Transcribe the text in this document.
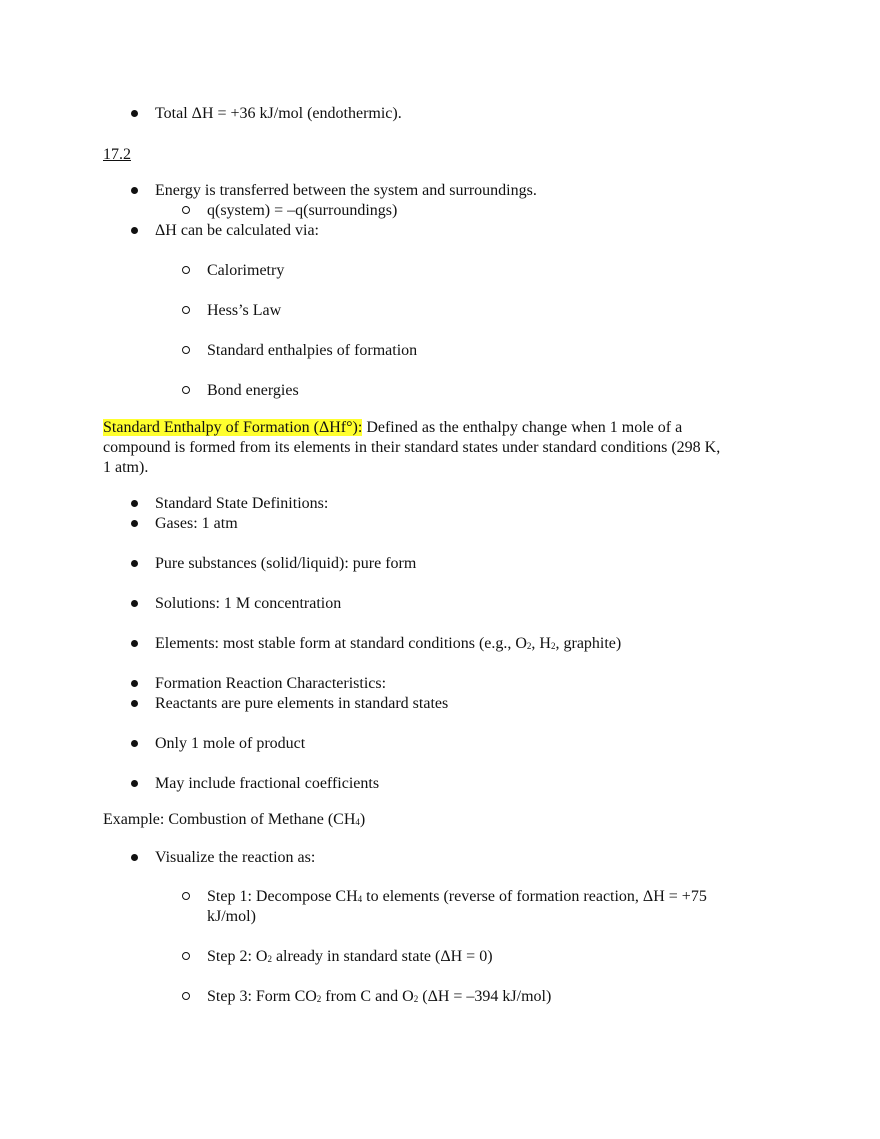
Total ΔH = +36 kJ/mol (endothermic).
17.2
Energy is transferred between the system and surroundings.
q(system) = –q(surroundings)
ΔH can be calculated via:
Calorimetry
Hess’s Law
Standard enthalpies of formation
Bond energies
Standard Enthalpy of Formation (ΔHf°): Defined as the enthalpy change when 1 mole of a
compound is formed from its elements in their standard states under standard conditions (298 K,
1 atm).
Standard State Definitions:
Gases: 1 atm
Pure substances (solid/liquid): pure form
Solutions: 1 M concentration
Elements: most stable form at standard conditions (e.g., $O_2$, $H_2$, graphite)
Formation Reaction Characteristics:
Reactants are pure elements in standard states
Only 1 mole of product
May include fractional coefficients
Example: Combustion of Methane $(CH_4)$
Visualize the reaction as:
Step 1: Decompose $CH_4$ to elements (reverse of formation reaction, ΔH = +75
kJ/mol)
Step 2: $O_2$ already in standard state (ΔH = 0)
Step 3: Form $CO_2$ from C and $O_2$ (ΔH = –394 kJ/mol)
